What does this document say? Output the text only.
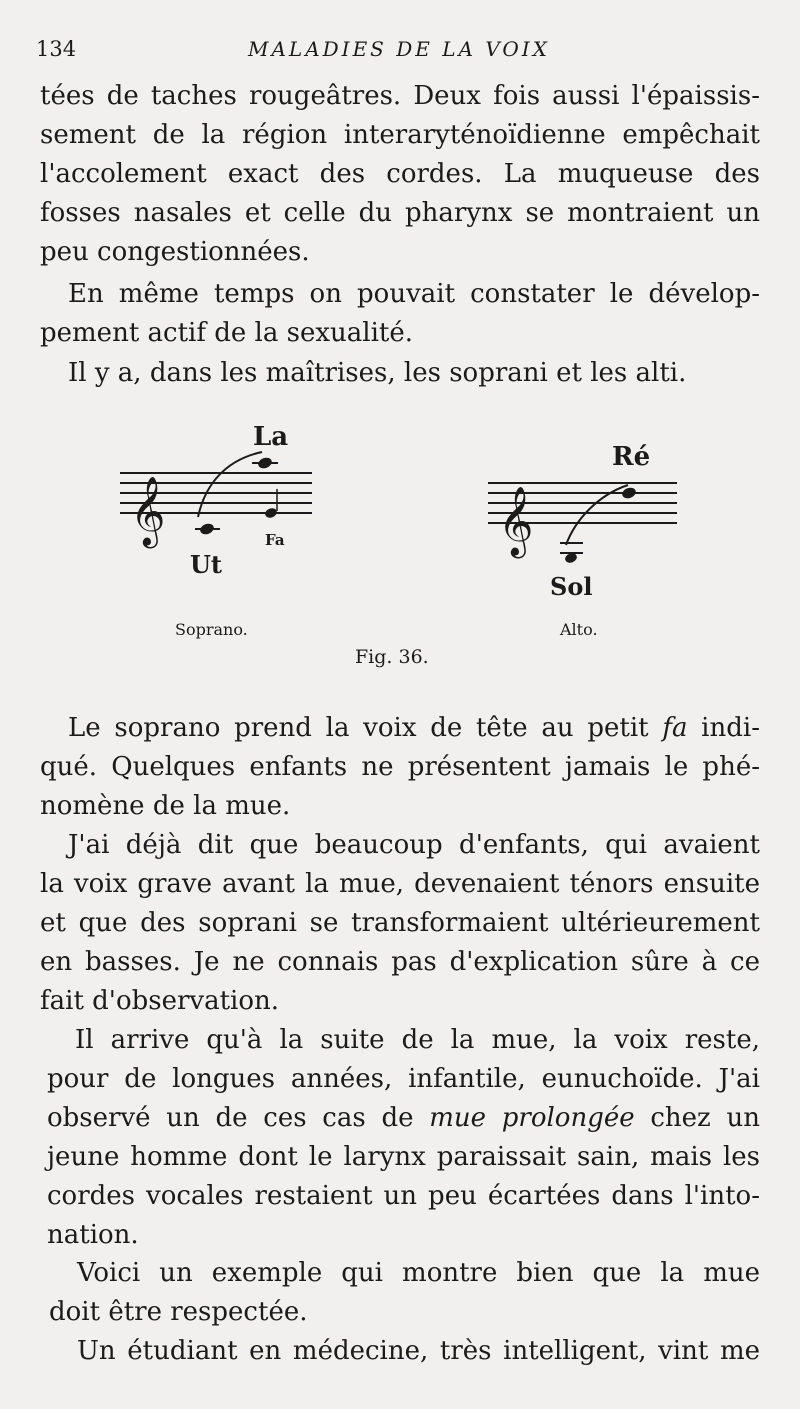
134	MALADIES DE LA VOIX
tées de taches rougeâtres. Deux fois aussi l'épaissis-
sement de la région interaryténoïdienne empêchait
l'accolement exact des cordes. La muqueuse des
fosses nasales et celle du pharynx se montraient un
peu congestionnées.
En même temps on pouvait constater le dévelop-
pement actif de la sexualité.
Il y a, dans les maîtrises, les soprani et les alti.
𝄞
La
Fa
Ut
Soprano.
𝄞
Ré
Sol
Alto.
Fig. 36.
Le soprano prend la voix de tête au petit fa indi-
qué. Quelques enfants ne présentent jamais le phé-
nomène de la mue.
J'ai déjà dit que beaucoup d'enfants, qui avaient
la voix grave avant la mue, devenaient ténors ensuite
et que des soprani se transformaient ultérieurement
en basses. Je ne connais pas d'explication sûre à ce
fait d'observation.
Il arrive qu'à la suite de la mue, la voix reste,
pour de longues années, infantile, eunuchoïde. J'ai
observé un de ces cas de mue prolongée chez un
jeune homme dont le larynx paraissait sain, mais les
cordes vocales restaient un peu écartées dans l'into-
nation.
Voici un exemple qui montre bien que la mue
doit être respectée.
Un étudiant en médecine, très intelligent, vint me
